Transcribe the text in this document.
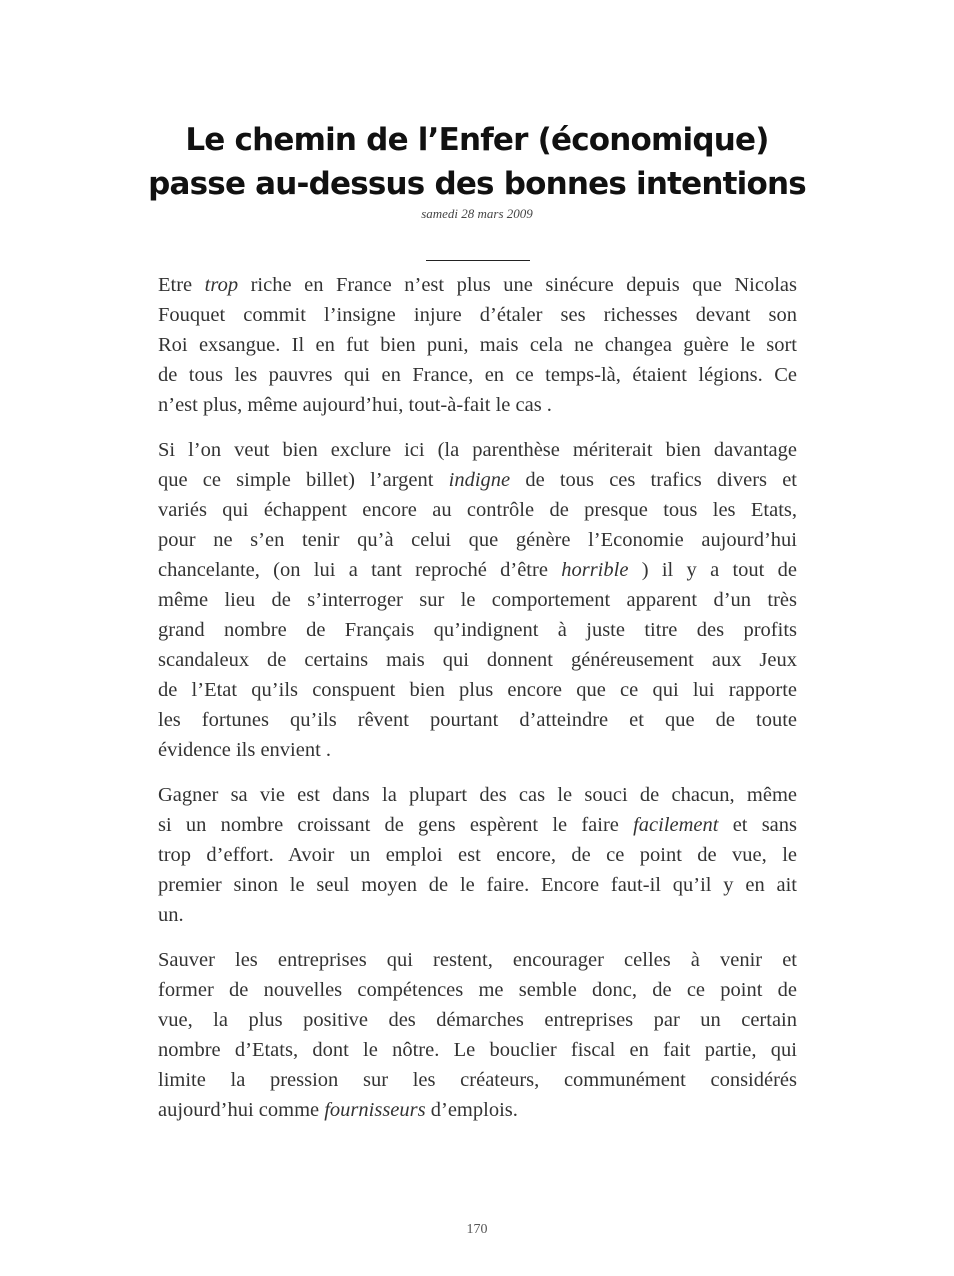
Le chemin de l’Enfer (économique)
passe au-dessus des bonnes intentions
samedi 28 mars 2009
Etre trop riche en France n’est plus une sinécure depuis que Nicolas
Fouquet commit l’insigne injure d’étaler ses richesses devant son
Roi exsangue. Il en fut bien puni, mais cela ne changea guère le sort
de tous les pauvres qui en France, en ce temps-là, étaient légions. Ce
n’est plus, même aujourd’hui, tout-à-fait le cas .
Si l’on veut bien exclure ici (la parenthèse mériterait bien davantage
que ce simple billet) l’argent indigne de tous ces trafics divers et
variés qui échappent encore au contrôle de presque tous les Etats,
pour ne s’en tenir qu’à celui que génère l’Economie aujourd’hui
chancelante, (on lui a tant reproché d’être horrible ) il y a tout de
même lieu de s’interroger sur le comportement apparent d’un très
grand nombre de Français qu’indignent à juste titre des profits
scandaleux de certains mais qui donnent généreusement aux Jeux
de l’Etat qu’ils conspuent bien plus encore que ce qui lui rapporte
les fortunes qu’ils rêvent pourtant d’atteindre et que de toute
évidence ils envient .
Gagner sa vie est dans la plupart des cas le souci de chacun, même
si un nombre croissant de gens espèrent le faire facilement et sans
trop d’effort. Avoir un emploi est encore, de ce point de vue, le
premier sinon le seul moyen de le faire. Encore faut-il qu’il y en ait
un.
Sauver les entreprises qui restent, encourager celles à venir et
former de nouvelles compétences me semble donc, de ce point de
vue, la plus positive des démarches entreprises par un certain
nombre d’Etats, dont le nôtre. Le bouclier fiscal en fait partie, qui
limite la pression sur les créateurs, communément considérés
aujourd’hui comme fournisseurs d’emplois.
170
